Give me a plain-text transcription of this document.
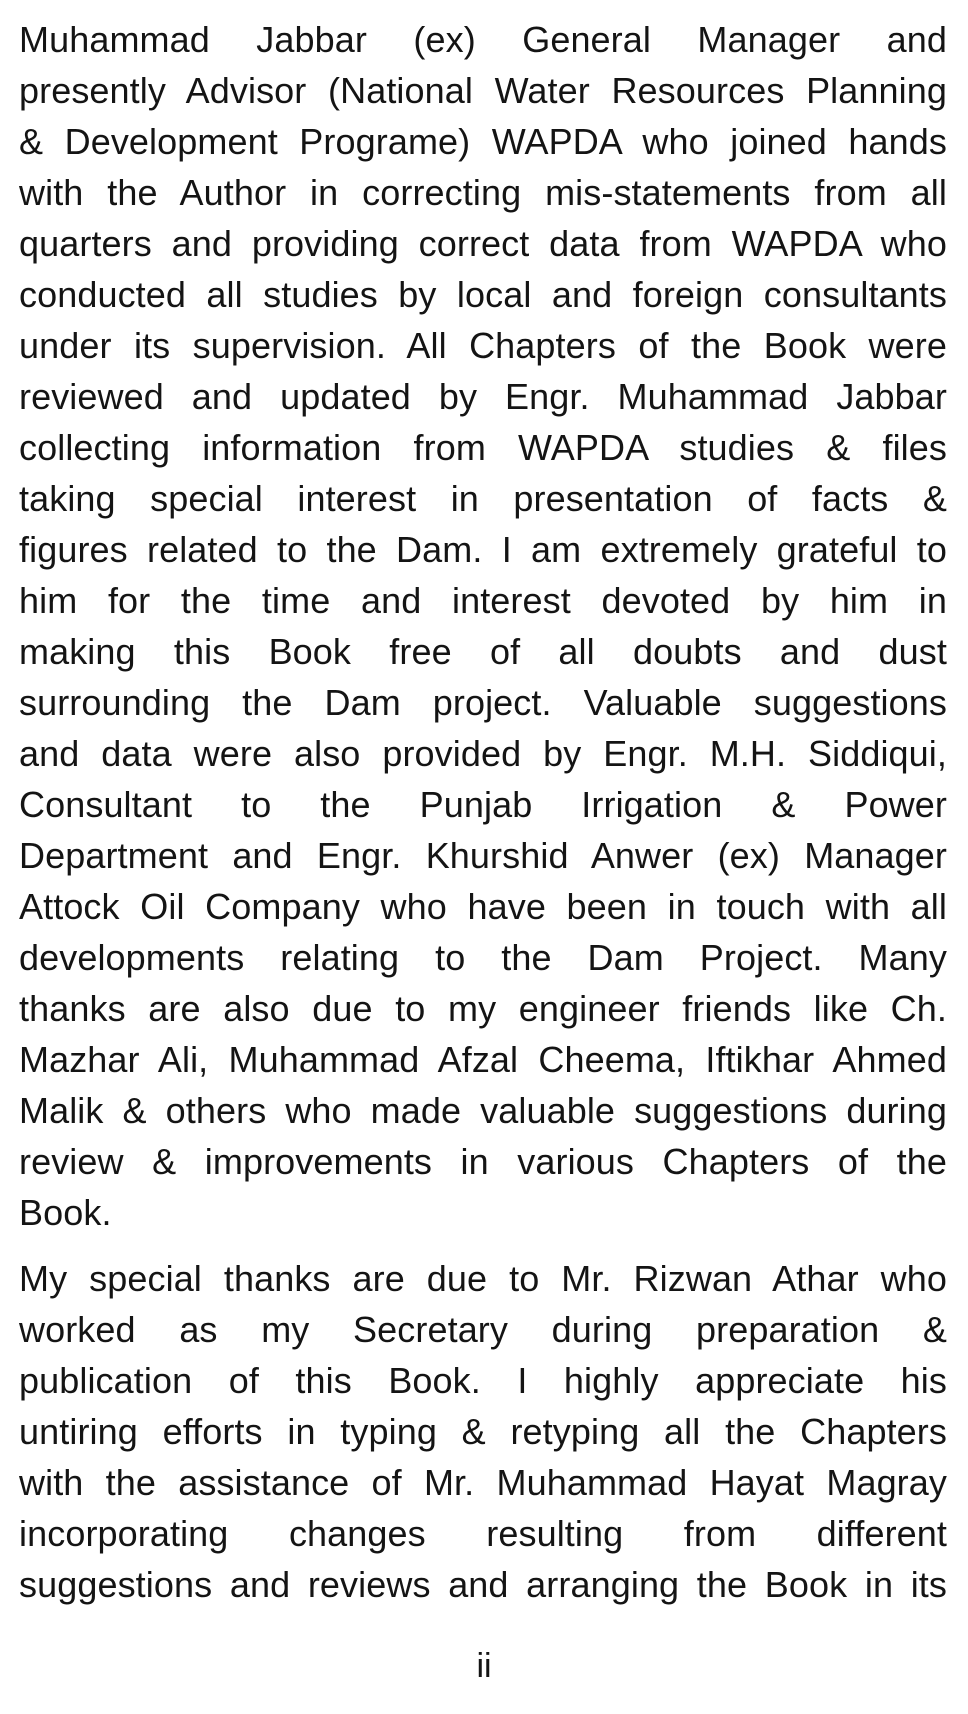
Muhammad Jabbar (ex) General Manager and
presently Advisor (National Water Resources Planning
& Development Programe) WAPDA who joined hands
with the Author in correcting mis-statements from all
quarters and providing correct data from WAPDA who
conducted all studies by local and foreign consultants
under its supervision. All Chapters of the Book were
reviewed and updated by Engr. Muhammad Jabbar
collecting information from WAPDA studies & files
taking special interest in presentation of facts &
figures related to the Dam. I am extremely grateful to
him for the time and interest devoted by him in
making this Book free of all doubts and dust
surrounding the Dam project. Valuable suggestions
and data were also provided by Engr. M.H. Siddiqui,
Consultant to the Punjab Irrigation & Power
Department and Engr. Khurshid Anwer (ex) Manager
Attock Oil Company who have been in touch with all
developments relating to the Dam Project. Many
thanks are also due to my engineer friends like Ch.
Mazhar Ali, Muhammad Afzal Cheema, Iftikhar Ahmed
Malik & others who made valuable suggestions during
review & improvements in various Chapters of the
Book.

My special thanks are due to Mr. Rizwan Athar who
worked as my Secretary during preparation &
publication of this Book. I highly appreciate his
untiring efforts in typing & retyping all the Chapters
with the assistance of Mr. Muhammad Hayat Magray
incorporating changes resulting from different
suggestions and reviews and arranging the Book in its

ii
